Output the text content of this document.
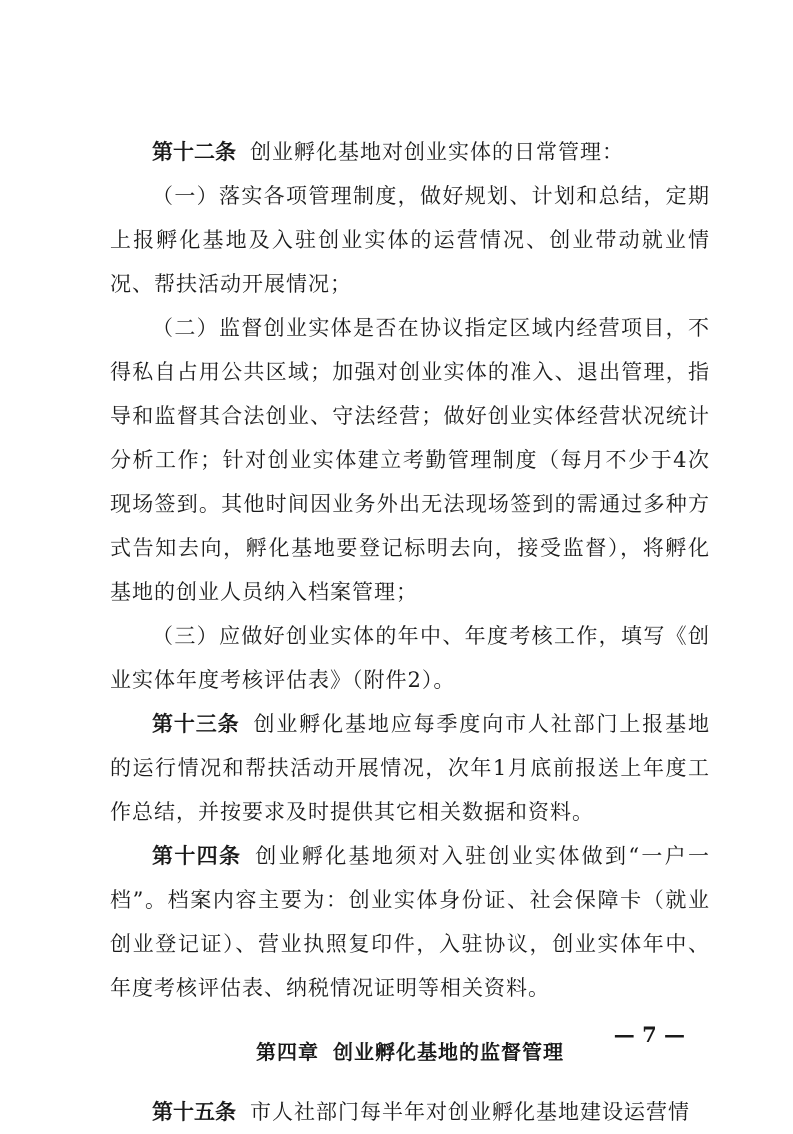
第十二条 创业孵化基地对创业实体的日常管理：

（一）落实各项管理制度，做好规划、计划和总结，定期上报孵化基地及入驻创业实体的运营情况、创业带动就业情况、帮扶活动开展情况；

（二）监督创业实体是否在协议指定区域内经营项目，不得私自占用公共区域；加强对创业实体的准入、退出管理，指导和监督其合法创业、守法经营；做好创业实体经营状况统计分析工作；针对创业实体建立考勤管理制度（每月不少于4次现场签到。其他时间因业务外出无法现场签到的需通过多种方式告知去向，孵化基地要登记标明去向，接受监督），将孵化基地的创业人员纳入档案管理；

（三）应做好创业实体的年中、年度考核工作，填写《创业实体年度考核评估表》（附件2）。

第十三条 创业孵化基地应每季度向市人社部门上报基地的运行情况和帮扶活动开展情况，次年1月底前报送上年度工作总结，并按要求及时提供其它相关数据和资料。

第十四条 创业孵化基地须对入驻创业实体做到“一户一档”。档案内容主要为：创业实体身份证、社会保障卡（就业创业登记证）、营业执照复印件，入驻协议，创业实体年中、年度考核评估表、纳税情况证明等相关资料。

第四章 创业孵化基地的监督管理

第十五条 市人社部门每半年对创业孵化基地建设运营情

— 7 —
